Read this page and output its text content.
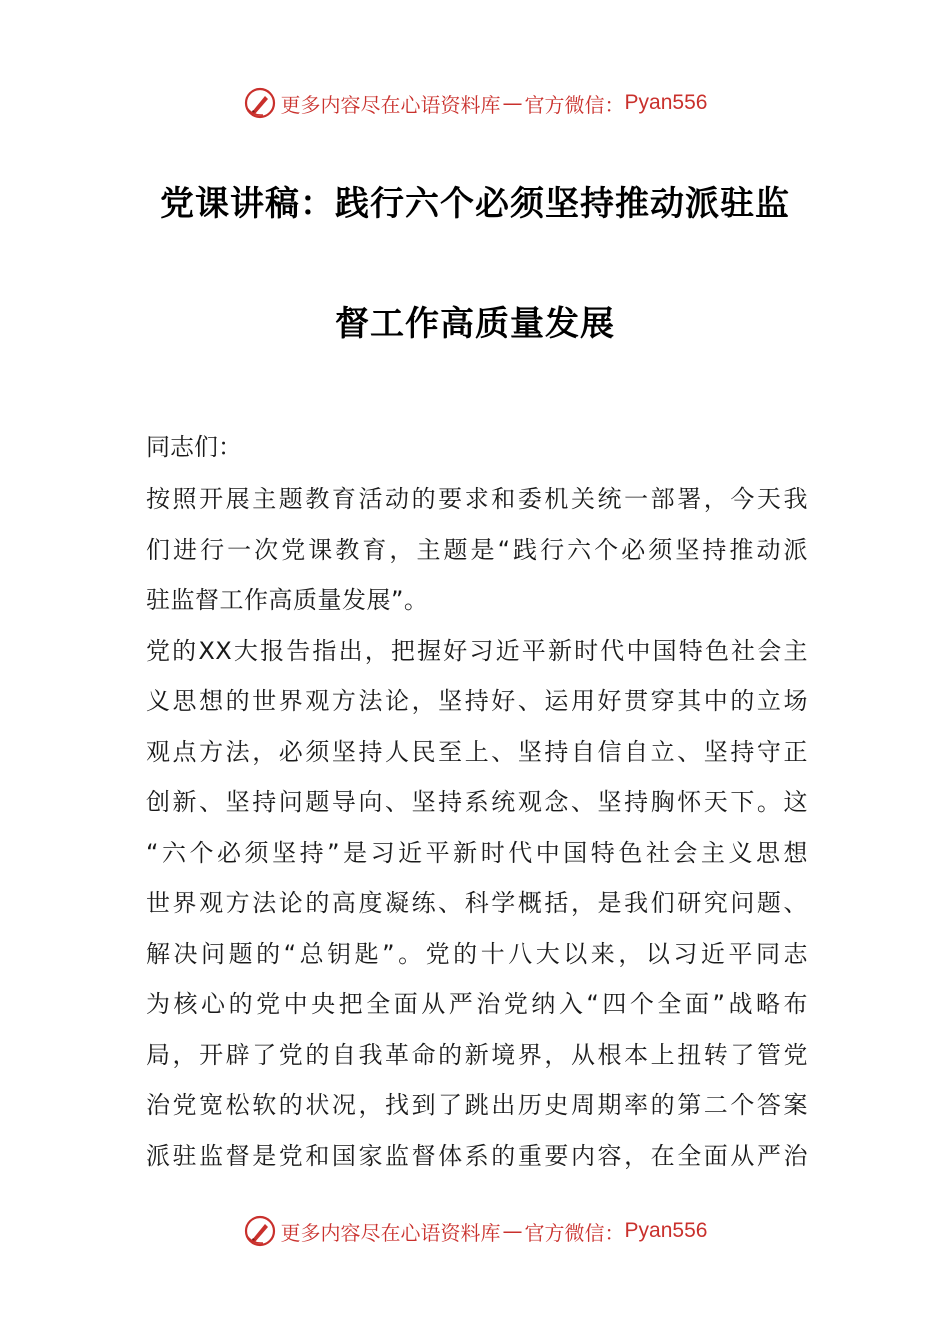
更多内容尽在心语资料库 — 官方微信： Pyan556
党课讲稿：践行六个必须坚持推动派驻监
督工作高质量发展
同志们：
按照开展主题教育活动的要求和委机关统一部署，今天我
们进行一次党课教育，主题是“践行六个必须坚持推动派
驻监督工作高质量发展”。
党的XX大报告指出，把握好习近平新时代中国特色社会主
义思想的世界观方法论，坚持好、运用好贯穿其中的立场
观点方法，必须坚持人民至上、坚持自信自立、坚持守正
创新、坚持问题导向、坚持系统观念、坚持胸怀天下。这
“六个必须坚持”是习近平新时代中国特色社会主义思想
世界观方法论的高度凝练、科学概括，是我们研究问题、
解决问题的“总钥匙”。党的十八大以来，以习近平同志
为核心的党中央把全面从严治党纳入“四个全面”战略布
局，开辟了党的自我革命的新境界，从根本上扭转了管党
治党宽松软的状况，找到了跳出历史周期率的第二个答案
派驻监督是党和国家监督体系的重要内容，在全面从严治
更多内容尽在心语资料库 — 官方微信： Pyan556
